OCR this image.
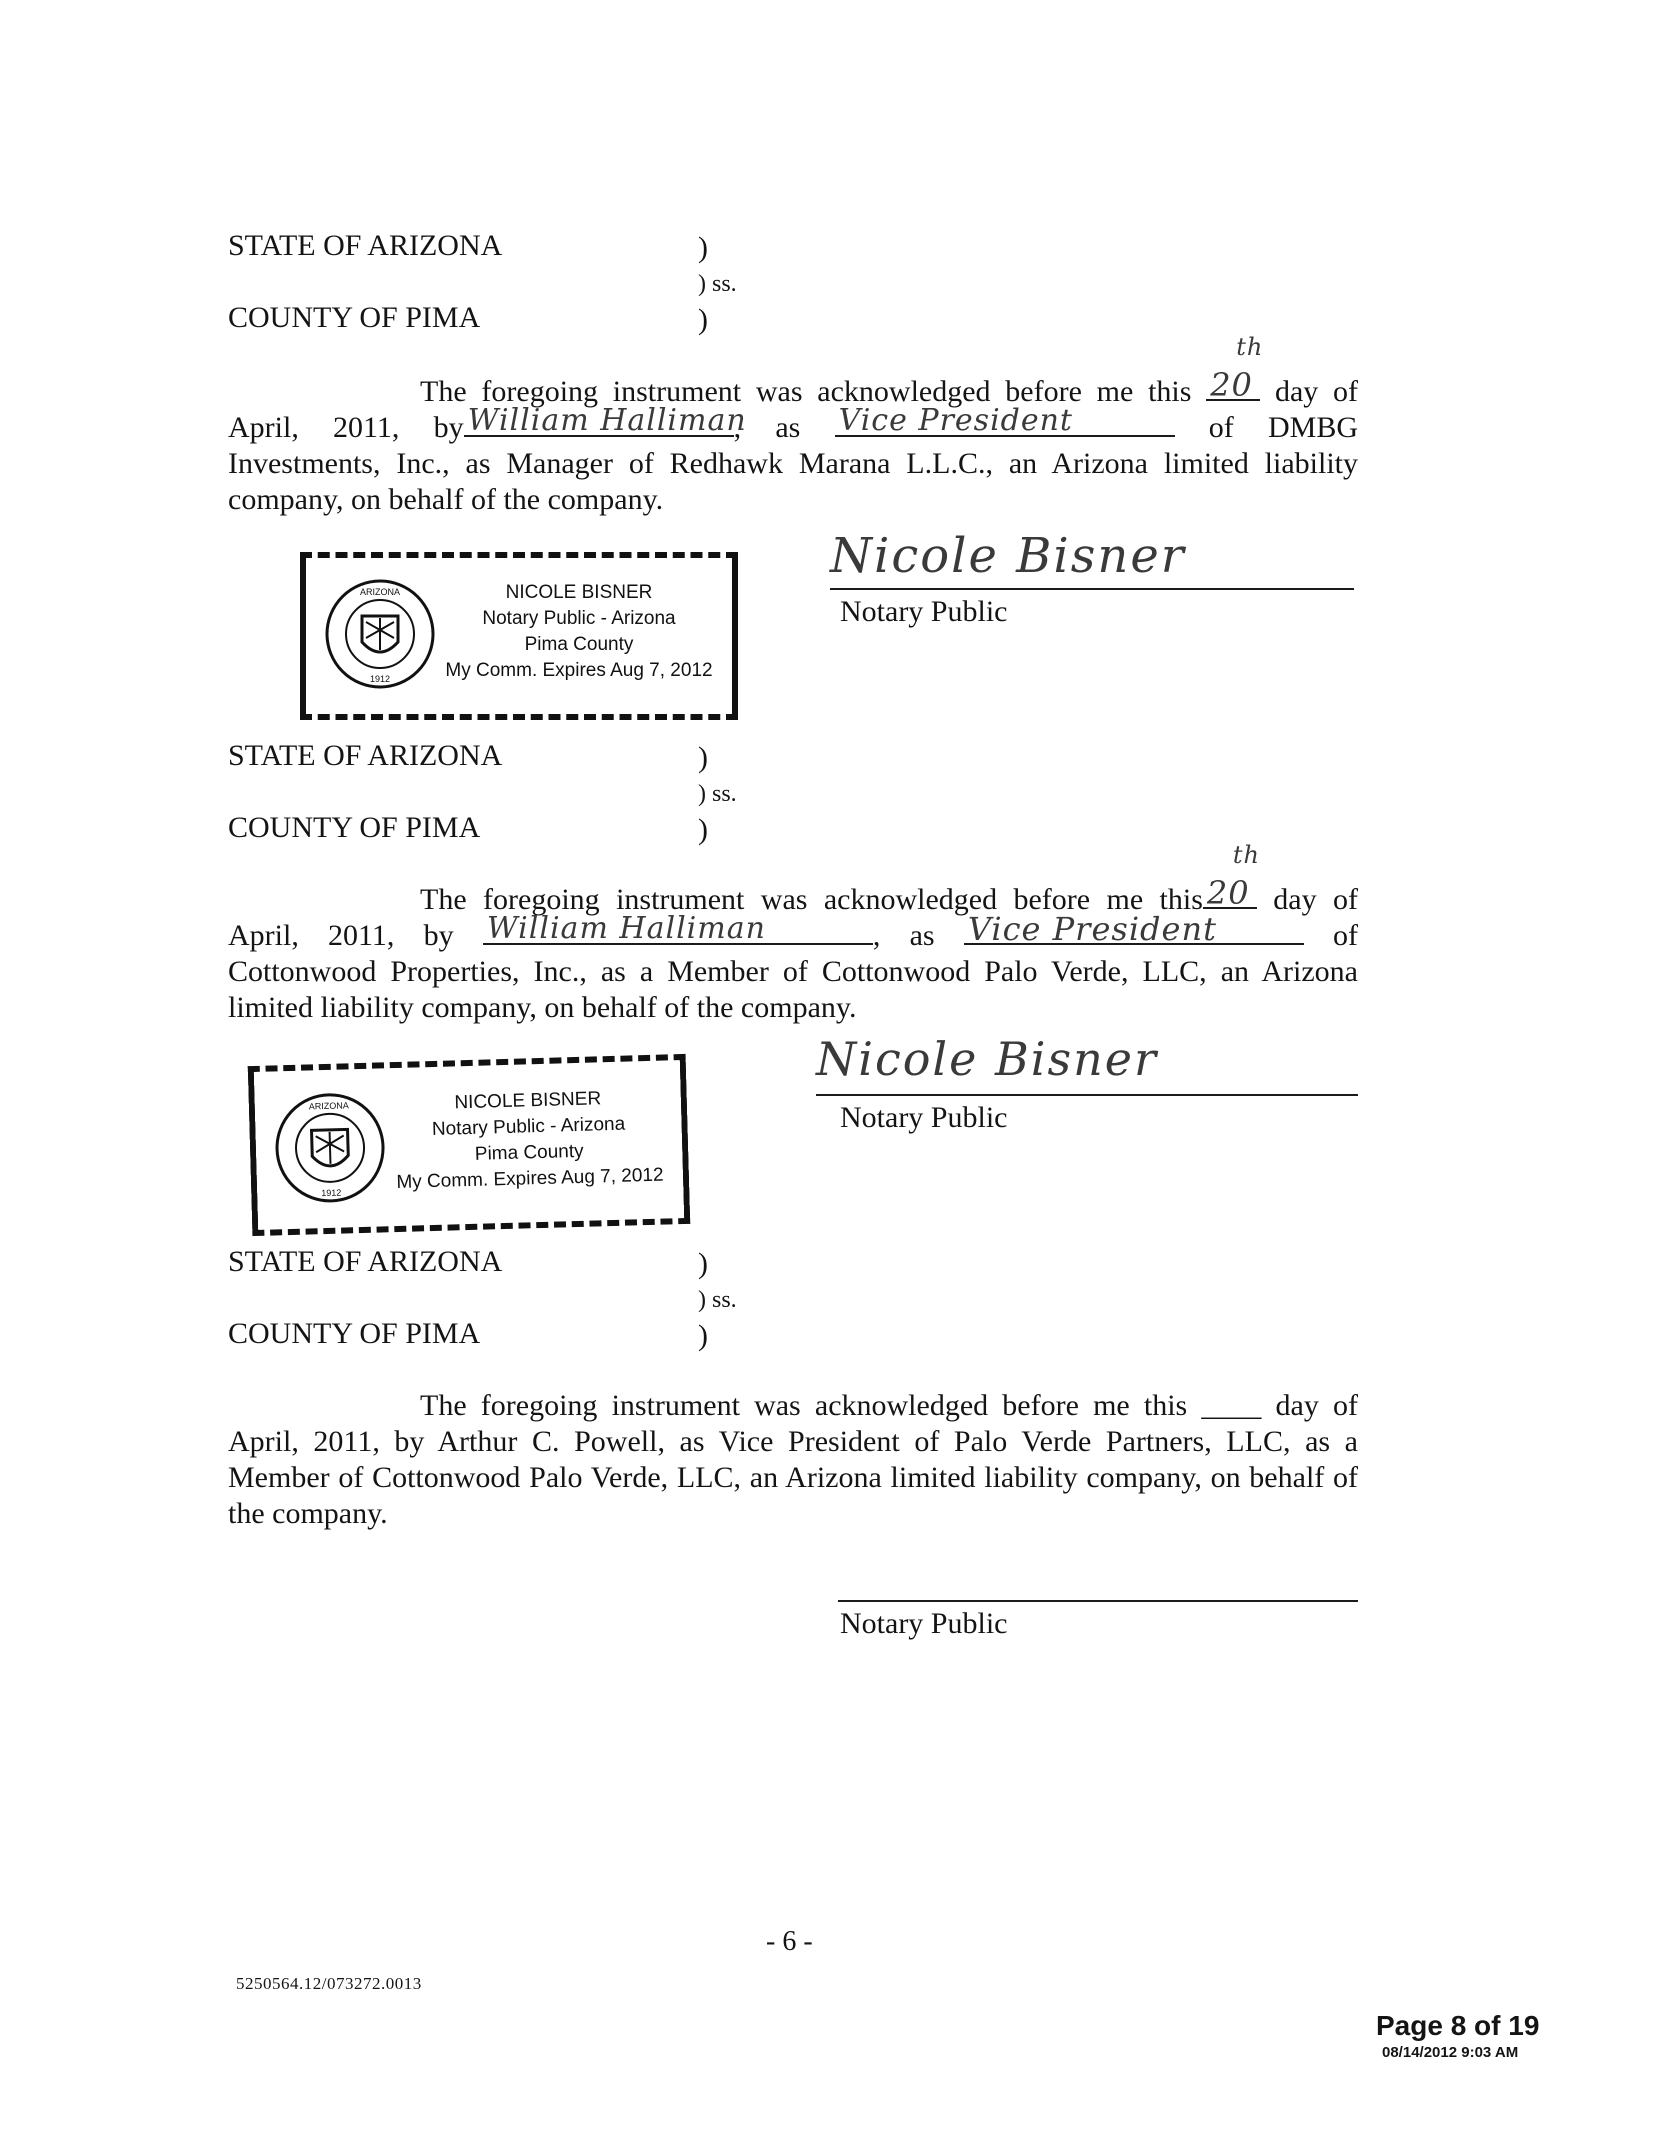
STATE OF ARIZONA	)
) ss.
COUNTY OF PIMA	)
The foregoing instrument was acknowledged before me this 20
th
day of
April, 2011, by William Halliman
, as Vice President	of DMBG
Investments, Inc., as Manager of Redhawk Marana L.L.C., an Arizona limited liability company, on behalf of the company.
Nicole Bisner
Notary Public
ARIZONA
1912
NICOLE BISNER
Notary Public - Arizona
Pima County
My Comm. Expires Aug 7, 2012
STATE OF ARIZONA	)
) ss.
COUNTY OF PIMA	)
The foregoing instrument was acknowledged before me this 20
th
day of
April, 2011, by William Halliman	, as Vice President	of
Cottonwood Properties, Inc., as a Member of Cottonwood Palo Verde, LLC, an Arizona limited liability company, on behalf of the company.
Nicole Bisner
Notary Public
ARIZONA
1912
NICOLE BISNER
Notary Public - Arizona
Pima County
My Comm. Expires Aug 7, 2012
STATE OF ARIZONA	)
) ss.
COUNTY OF PIMA	)
The foregoing instrument was acknowledged before me this ____ day of
April, 2011, by Arthur C. Powell, as Vice President of Palo Verde Partners, LLC, as a Member of Cottonwood Palo Verde, LLC, an Arizona limited liability company, on behalf of the company.
Notary Public
- 6 -
5250564.12/073272.0013
Page 8 of 19
08/14/2012 9:03 AM
